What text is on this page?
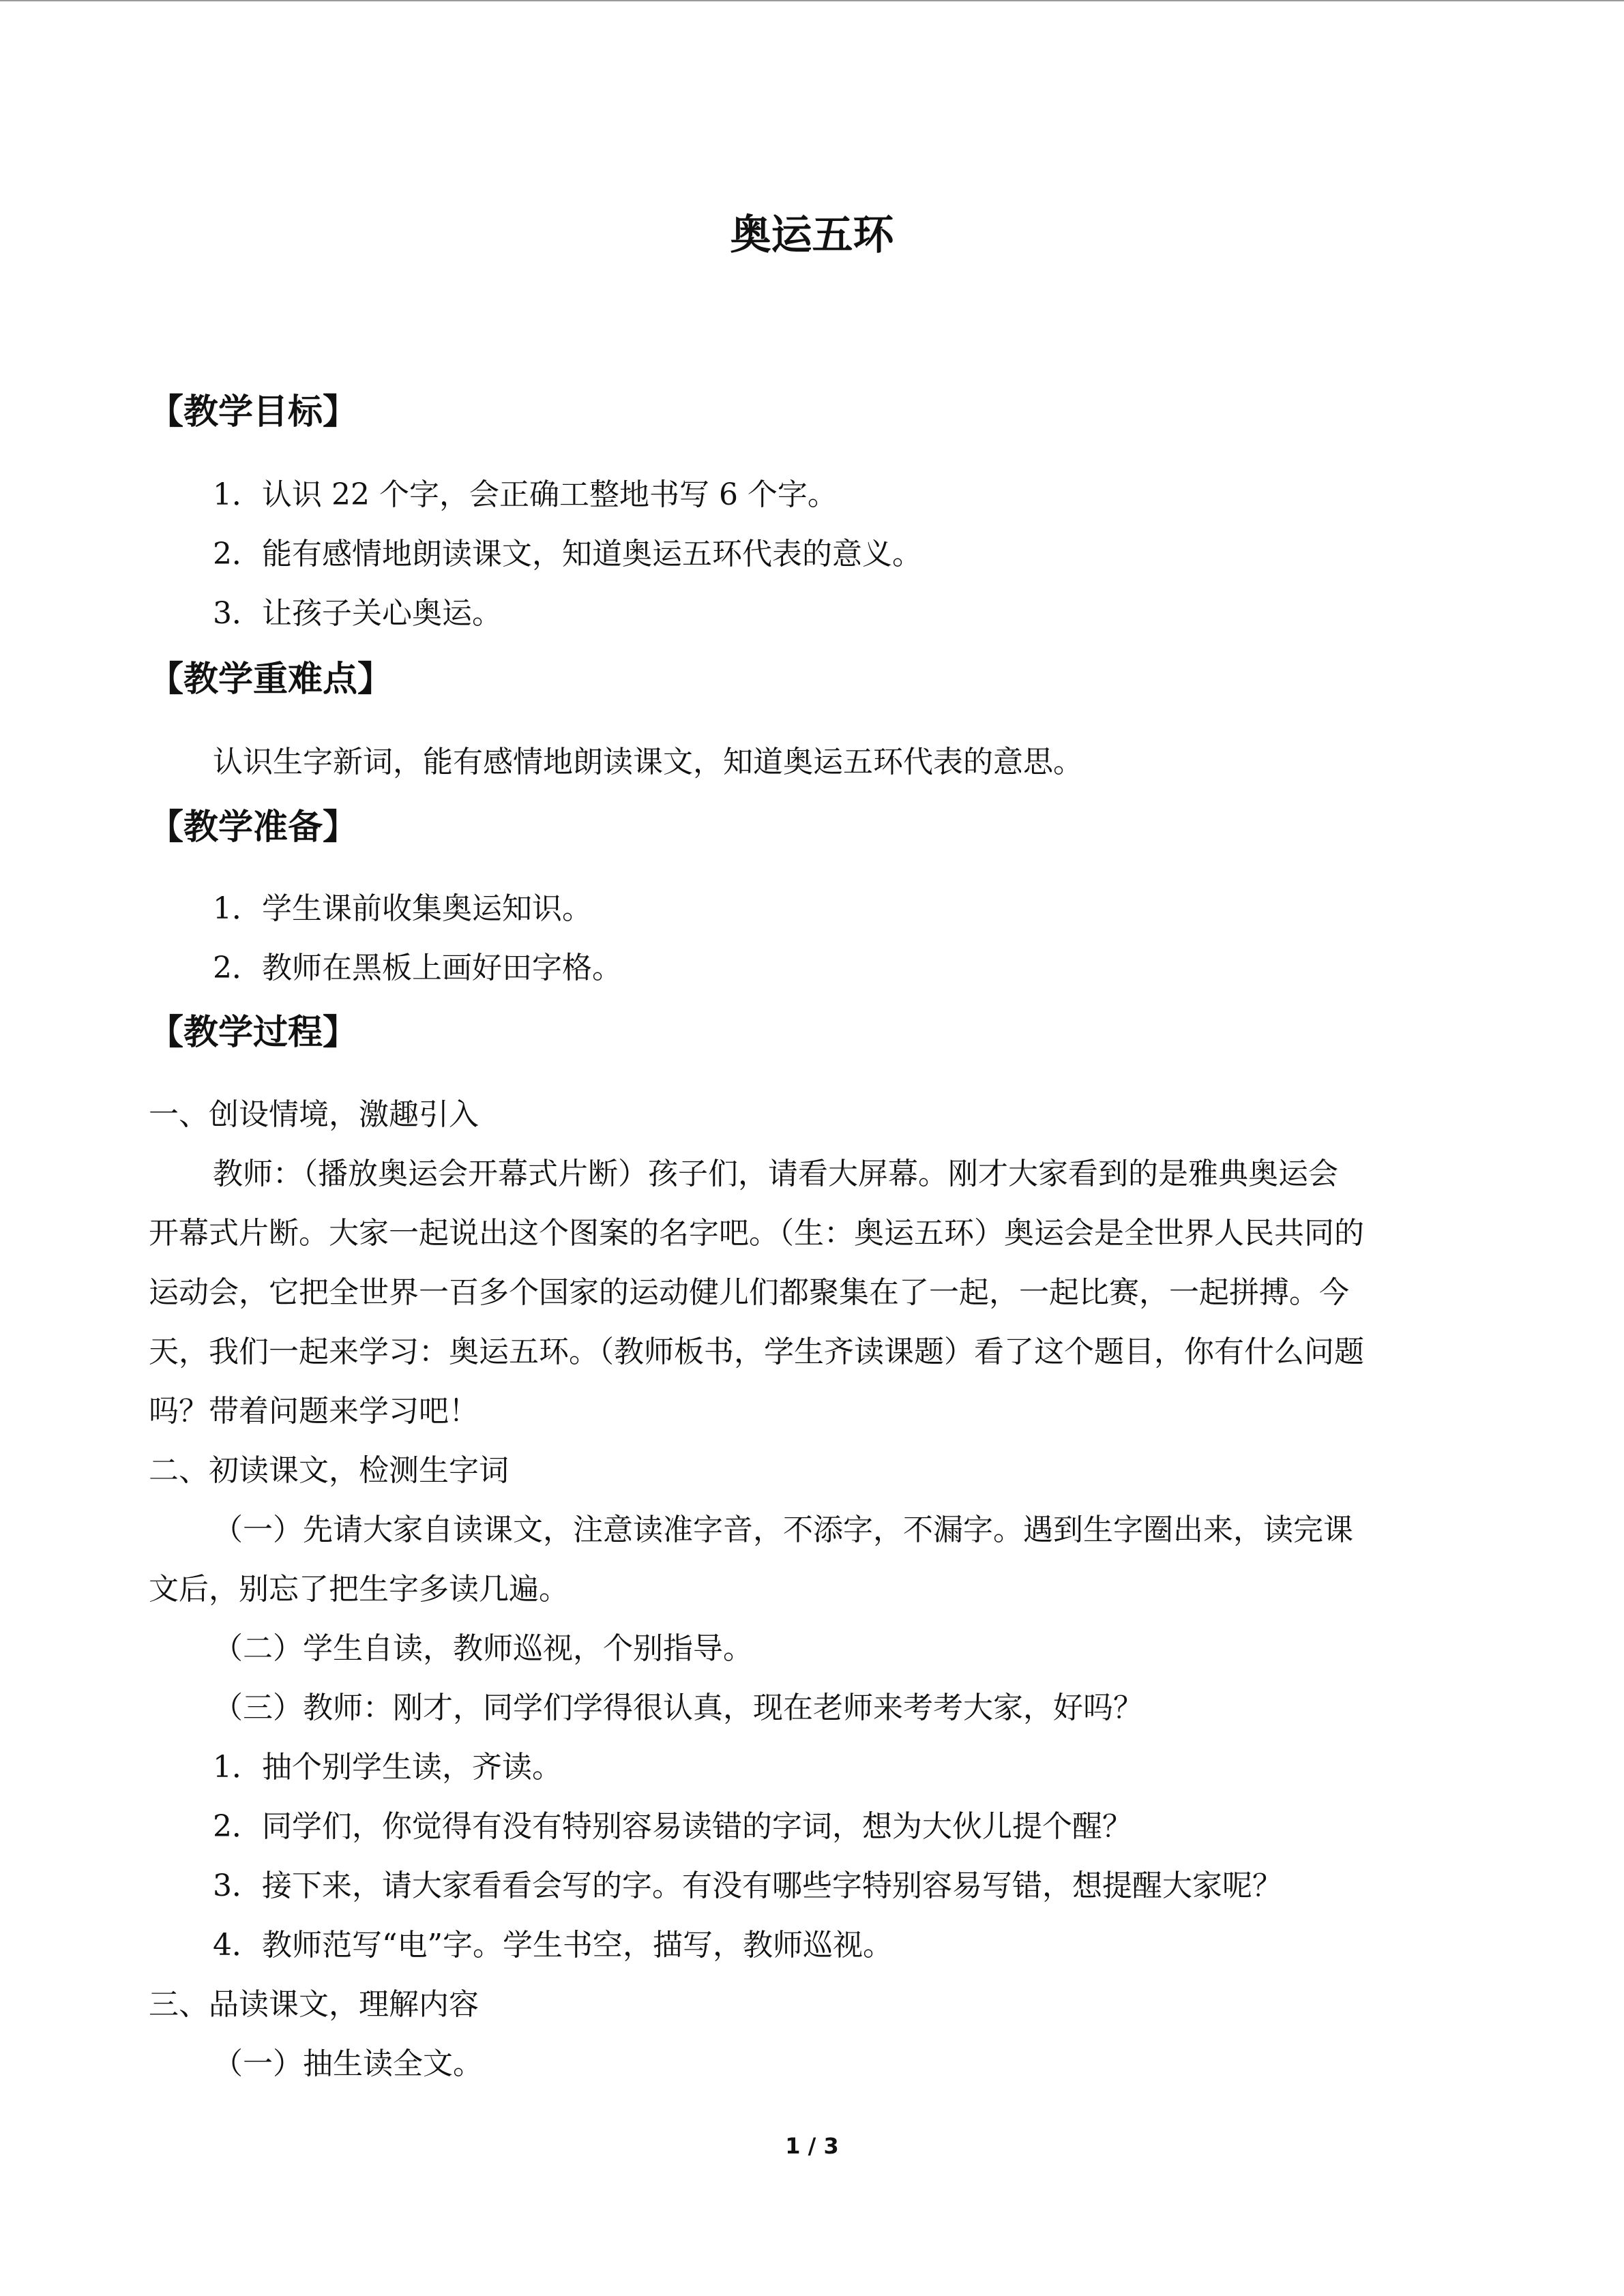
奥运五环
【教学目标】
1．认识 22 个字，会正确工整地书写 6 个字。
2．能有感情地朗读课文，知道奥运五环代表的意义。
3．让孩子关心奥运。
【教学重难点】
认识生字新词，能有感情地朗读课文，知道奥运五环代表的意思。
【教学准备】
1．学生课前收集奥运知识。
2．教师在黑板上画好田字格。
【教学过程】
一、创设情境，激趣引入
教师：（播放奥运会开幕式片断）孩子们，请看大屏幕。刚才大家看到的是雅典奥运会
开幕式片断。大家一起说出这个图案的名字吧。（生：奥运五环）奥运会是全世界人民共同的
运动会，它把全世界一百多个国家的运动健儿们都聚集在了一起，一起比赛，一起拼搏。今
天，我们一起来学习：奥运五环。（教师板书，学生齐读课题）看了这个题目，你有什么问题
吗？带着问题来学习吧！
二、初读课文，检测生字词
（一）先请大家自读课文，注意读准字音，不添字，不漏字。遇到生字圈出来，读完课
文后，别忘了把生字多读几遍。
（二）学生自读，教师巡视，个别指导。
（三）教师：刚才，同学们学得很认真，现在老师来考考大家，好吗？
1．抽个别学生读，齐读。
2．同学们，你觉得有没有特别容易读错的字词，想为大伙儿提个醒？
3．接下来，请大家看看会写的字。有没有哪些字特别容易写错，想提醒大家呢？
4．教师范写“电”字。学生书空，描写，教师巡视。
三、品读课文，理解内容
（一）抽生读全文。
1 / 3
